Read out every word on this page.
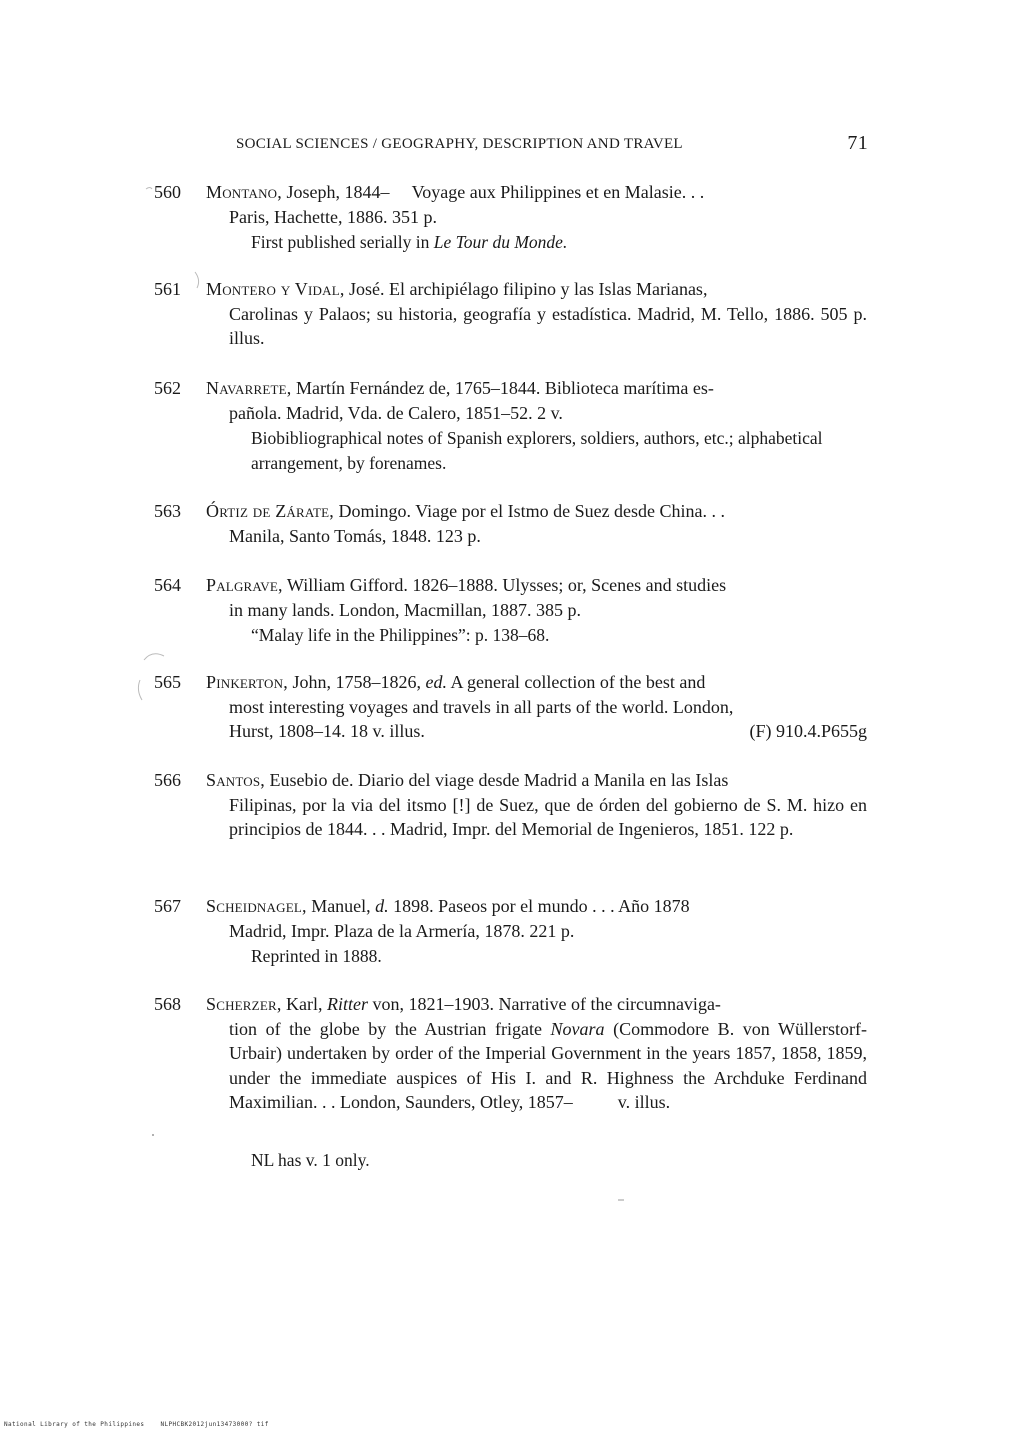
SOCIAL SCIENCES / GEOGRAPHY, DESCRIPTION AND TRAVEL	71
560 Montano, Joseph, 1844–     Voyage aux Philippines et en Malasie. . .
Paris, Hachette, 1886. 351 p.
First published serially in Le Tour du Monde.
561 Montero y Vidal, José. El archipiélago filipino y las Islas Marianas,
Carolinas y Palaos; su historia, geografía y estadística. Madrid, M. Tello, 1886. 505 p. illus.
562 Navarrete, Martín Fernández de, 1765–1844. Biblioteca marítima es-
pañola. Madrid, Vda. de Calero, 1851–52. 2 v.
Biobibliographical notes of Spanish explorers, soldiers, authors, etc.; alphabetical arrangement, by forenames.
563 Órtiz de Zárate, Domingo. Viage por el Istmo de Suez desde China. . .
Manila, Santo Tomás, 1848. 123 p.
564 Palgrave, William Gifford. 1826–1888. Ulysses; or, Scenes and studies
in many lands. London, Macmillan, 1887. 385 p.
“Malay life in the Philippines”: p. 138–68.
565 Pinkerton, John, 1758–1826, ed. A general collection of the best and
most interesting voyages and travels in all parts of the world. London,
Hurst, 1808–14. 18 v. illus.	(F) 910.4.P655g
566 Santos, Eusebio de. Diario del viage desde Madrid a Manila en las Islas
Filipinas, por la via del itsmo [!] de Suez, que de órden del gobierno de S. M. hizo en principios de 1844. . . Madrid, Impr. del Memorial de Ingenieros, 1851. 122 p.
567 Scheidnagel, Manuel, d. 1898. Paseos por el mundo . . . Año 1878
Madrid, Impr. Plaza de la Armería, 1878. 221 p.
Reprinted in 1888.
568 Scherzer, Karl, Ritter von, 1821–1903. Narrative of the circumnaviga-
tion of the globe by the Austrian frigate Novara (Commodore B. von Wüllerstorf-Urbair) undertaken by order of the Imperial Government in the years 1857, 1858, 1859, under the immediate auspices of His I. and R. Highness the Archduke Ferdinand Maximilian. . . London, Saunders, Otley, 1857–          v. illus.
NL has v. 1 only.
National Library of the Philippines	NLPHCBK2012jun13473000? tif
